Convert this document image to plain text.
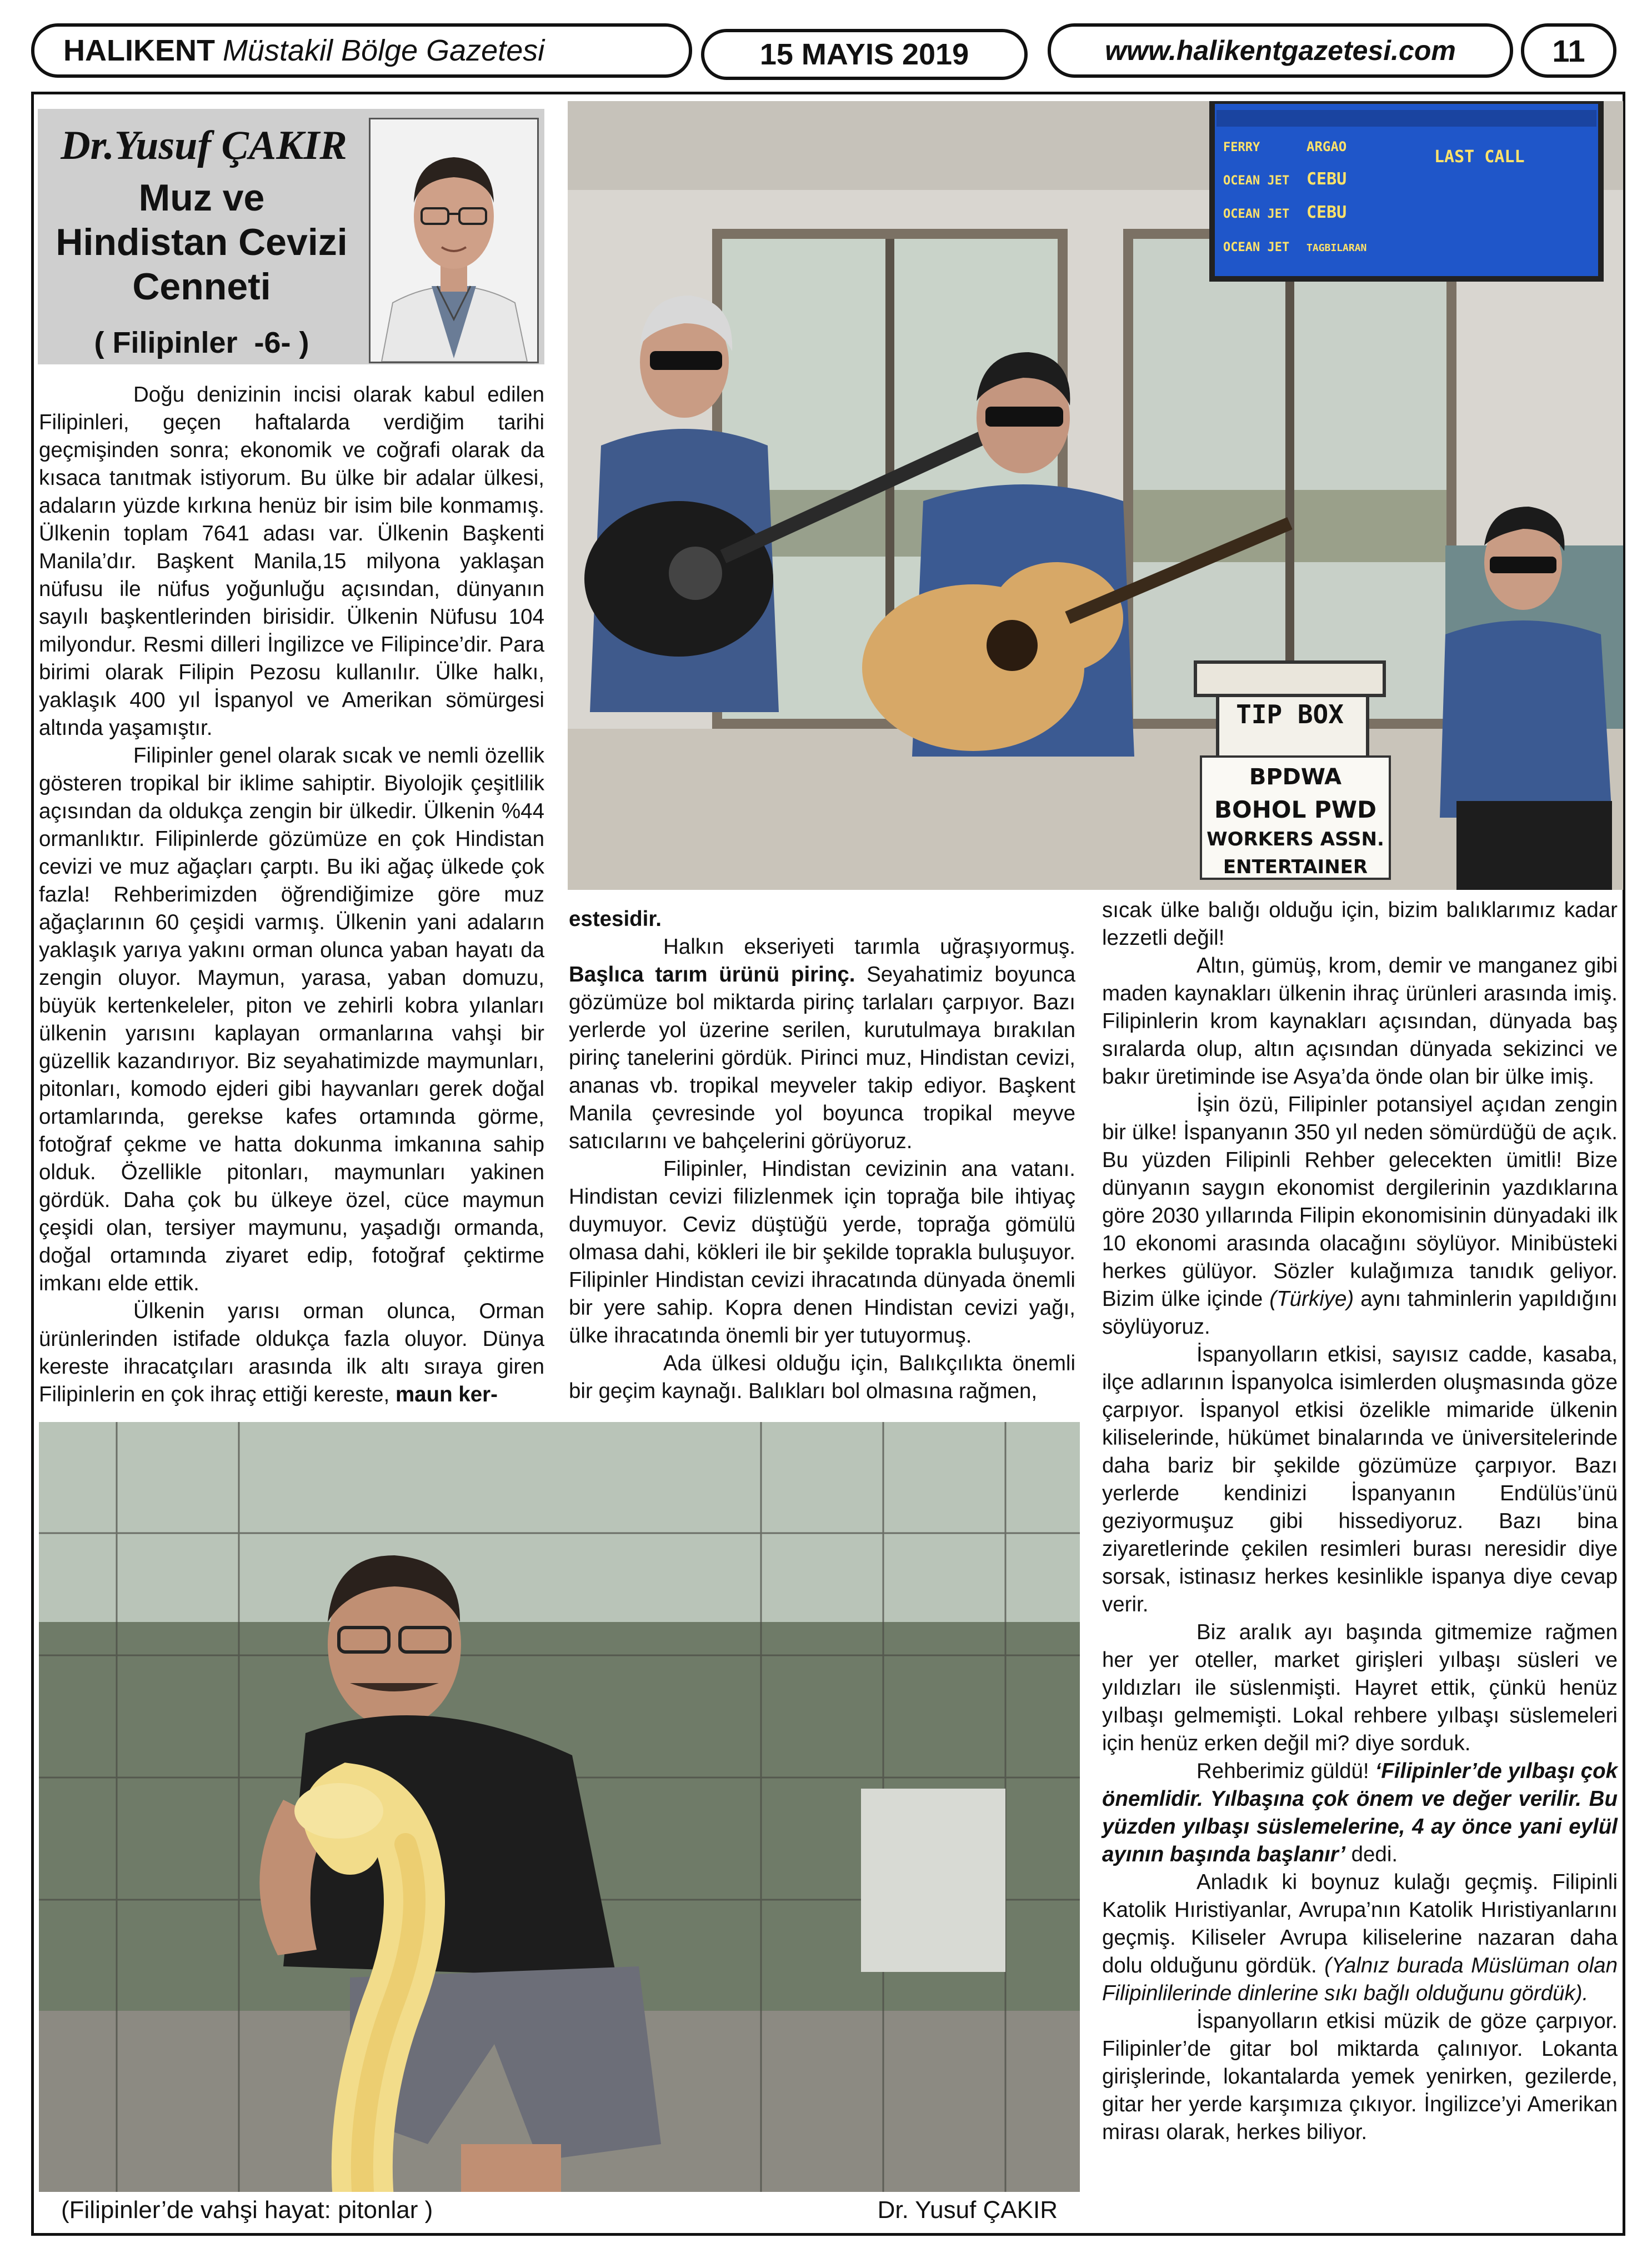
HALIKENT Müstakil Bölge Gazetesi	15 MAYIS 2019	www.halikentgazetesi.com	11
Dr.Yusuf ÇAKIR
Muz ve
Hindistan Cevizi
Cenneti
( Filipinler  -6- )

Doğu denizinin incisi olarak kabul edilen Filipinleri, geçen haftalarda verdiğim tarihi geçmişinden sonra; ekonomik ve coğrafi olarak da kısaca tanıtmak istiyorum. Bu ülke bir adalar ülkesi, adaların yüzde kırkına henüz bir isim bile konmamış. Ülkenin toplam 7641 adası var. Ülkenin Başkenti Manila’dır. Başkent Manila,15 milyona yaklaşan nüfusu ile nüfus yoğunluğu açısından, dünyanın sayılı başkentlerinden birisidir. Ülkenin Nüfusu 104 milyondur. Resmi dilleri İngilizce ve Filipince’dir. Para birimi olarak Filipin Pezosu kullanılır. Ülke halkı, yaklaşık 400 yıl İspanyol ve Amerikan sömürgesi altında yaşamıştır.

Filipinler genel olarak sıcak ve nemli özellik gösteren tropikal bir iklime sahiptir. Biyolojik çeşitlilik açısından da oldukça zengin bir ülkedir. Ülkenin %44 ormanlıktır. Filipinlerde gözümüze en çok Hindistan cevizi ve muz ağaçları çarptı. Bu iki ağaç ülkede çok fazla! Rehberimizden öğrendiğimize göre muz ağaçlarının 60 çeşidi varmış. Ülkenin yani adaların yaklaşık yarıya yakını orman olunca yaban hayatı da zengin oluyor. Maymun, yarasa, yaban domuzu, büyük kertenkeleler, piton ve zehirli kobra yılanları ülkenin yarısını kaplayan ormanlarına vahşi bir güzellik kazandırıyor. Biz seyahatimizde maymunları, pitonları, komodo ejderi gibi hayvanları gerek doğal ortamlarında, gerekse kafes ortamında görme, fotoğraf çekme ve hatta dokunma imkanına sahip olduk. Özellikle pitonları, maymunları yakinen gördük. Daha çok bu ülkeye özel, cüce maymun çeşidi olan, tersiyer maymunu, yaşadığı ormanda, doğal ortamında ziyaret edip, fotoğraf çektirme imkanı elde ettik.

Ülkenin yarısı orman olunca, Orman ürünlerinden istifade oldukça fazla oluyor. Dünya kereste ihracatçıları arasında ilk altı sıraya giren Filipinlerin en çok ihraç ettiği kereste, maun ker-

FERRY	ARGAO
LAST CALL
OCEAN JET CEBU
OCEAN JET CEBU
OCEAN JET TAGBILARAN
TIP BOX
BPDWA
BOHOL PWD
WORKERS ASSN.
ENTERTAINER

estesidir.

Halkın ekseriyeti tarımla uğraşıyormuş. Başlıca tarım ürünü pirinç. Seyahatimiz boyunca gözümüze bol miktarda pirinç tarlaları çarpıyor. Bazı yerlerde yol üzerine serilen, kurutulmaya bırakılan pirinç tanelerini gördük. Pirinci muz, Hindistan cevizi, ananas vb. tropikal meyveler takip ediyor. Başkent Manila çevresinde yol boyunca tropikal meyve satıcılarını ve bahçelerini görüyoruz.

Filipinler, Hindistan cevizinin ana vatanı. Hindistan cevizi filizlenmek için toprağa bile ihtiyaç duymuyor. Ceviz düştüğü yerde, toprağa gömülü olmasa dahi, kökleri ile bir şekilde toprakla buluşuyor. Filipinler Hindistan cevizi ihracatında dünyada önemli bir yere sahip. Kopra denen Hindistan cevizi yağı, ülke ihracatında önemli bir yer tutuyormuş.

Ada ülkesi olduğu için, Balıkçılıkta önemli bir geçim kaynağı. Balıkları bol olmasına rağmen,

sıcak ülke balığı olduğu için, bizim balıklarımız kadar lezzetli değil!

Altın, gümüş, krom, demir ve manganez gibi maden kaynakları ülkenin ihraç ürünleri arasında imiş. Filipinlerin krom kaynakları açısından, dünyada baş sıralarda olup, altın açısından dünyada sekizinci ve bakır üretiminde ise Asya’da önde olan bir ülke imiş.

İşin özü, Filipinler potansiyel açıdan zengin bir ülke! İspanyanın 350 yıl neden sömürdüğü de açık. Bu yüzden Filipinli Rehber gelecekten ümitli! Bize dünyanın saygın ekonomist dergilerinin yazdıklarına göre 2030 yıllarında Filipin ekonomisinin dünyadaki ilk 10 ekonomi arasında olacağını söylüyor. Minibüsteki herkes gülüyor. Sözler kulağımıza tanıdık geliyor. Bizim ülke içinde (Türkiye) aynı tahminlerin yapıldığını söylüyoruz.

İspanyolların etkisi, sayısız cadde, kasaba, ilçe adlarının İspanyolca isimlerden oluşmasında göze çarpıyor. İspanyol etkisi özelikle mimaride ülkenin kiliselerinde, hükümet binalarında ve üniversitelerinde daha bariz bir şekilde gözümüze çarpıyor. Bazı yerlerde kendinizi İspanyanın Endülüs’ünü geziyormuşuz gibi hissediyoruz. Bazı bina ziyaretlerinde çekilen resimleri burası neresidir diye sorsak, istinasız herkes kesinlikle ispanya diye cevap verir.

Biz aralık ayı başında gitmemize rağmen her yer oteller, market girişleri yılbaşı süsleri ve yıldızları ile süslenmişti. Hayret ettik, çünkü henüz yılbaşı gelmemişti. Lokal rehbere yılbaşı süslemeleri için henüz erken değil mi? diye sorduk.

Rehberimiz güldü! ‘Filipinler’de yılbaşı çok önemlidir. Yılbaşına çok önem ve değer verilir. Bu yüzden yılbaşı süslemelerine, 4 ay önce yani eylül ayının başında başlanır’ dedi.

Anladık ki boynuz kulağı geçmiş. Filipinli Katolik Hıristiyanlar, Avrupa’nın Katolik Hıristiyanlarını geçmiş. Kiliseler Avrupa kiliselerine nazaran daha dolu olduğunu gördük. (Yalnız burada Müslüman olan Filipinlilerinde dinlerine sıkı bağlı olduğunu gördük).

İspanyolların etkisi müzik de göze çarpıyor. Filipinler’de gitar bol miktarda çalınıyor. Lokanta girişlerinde, lokantalarda yemek yenirken, gezilerde, gitar her yerde karşımıza çıkıyor. İngilizce’yi Amerikan mirası olarak, herkes biliyor.

(Filipinler’de vahşi hayat: pitonlar )	Dr. Yusuf ÇAKIR
